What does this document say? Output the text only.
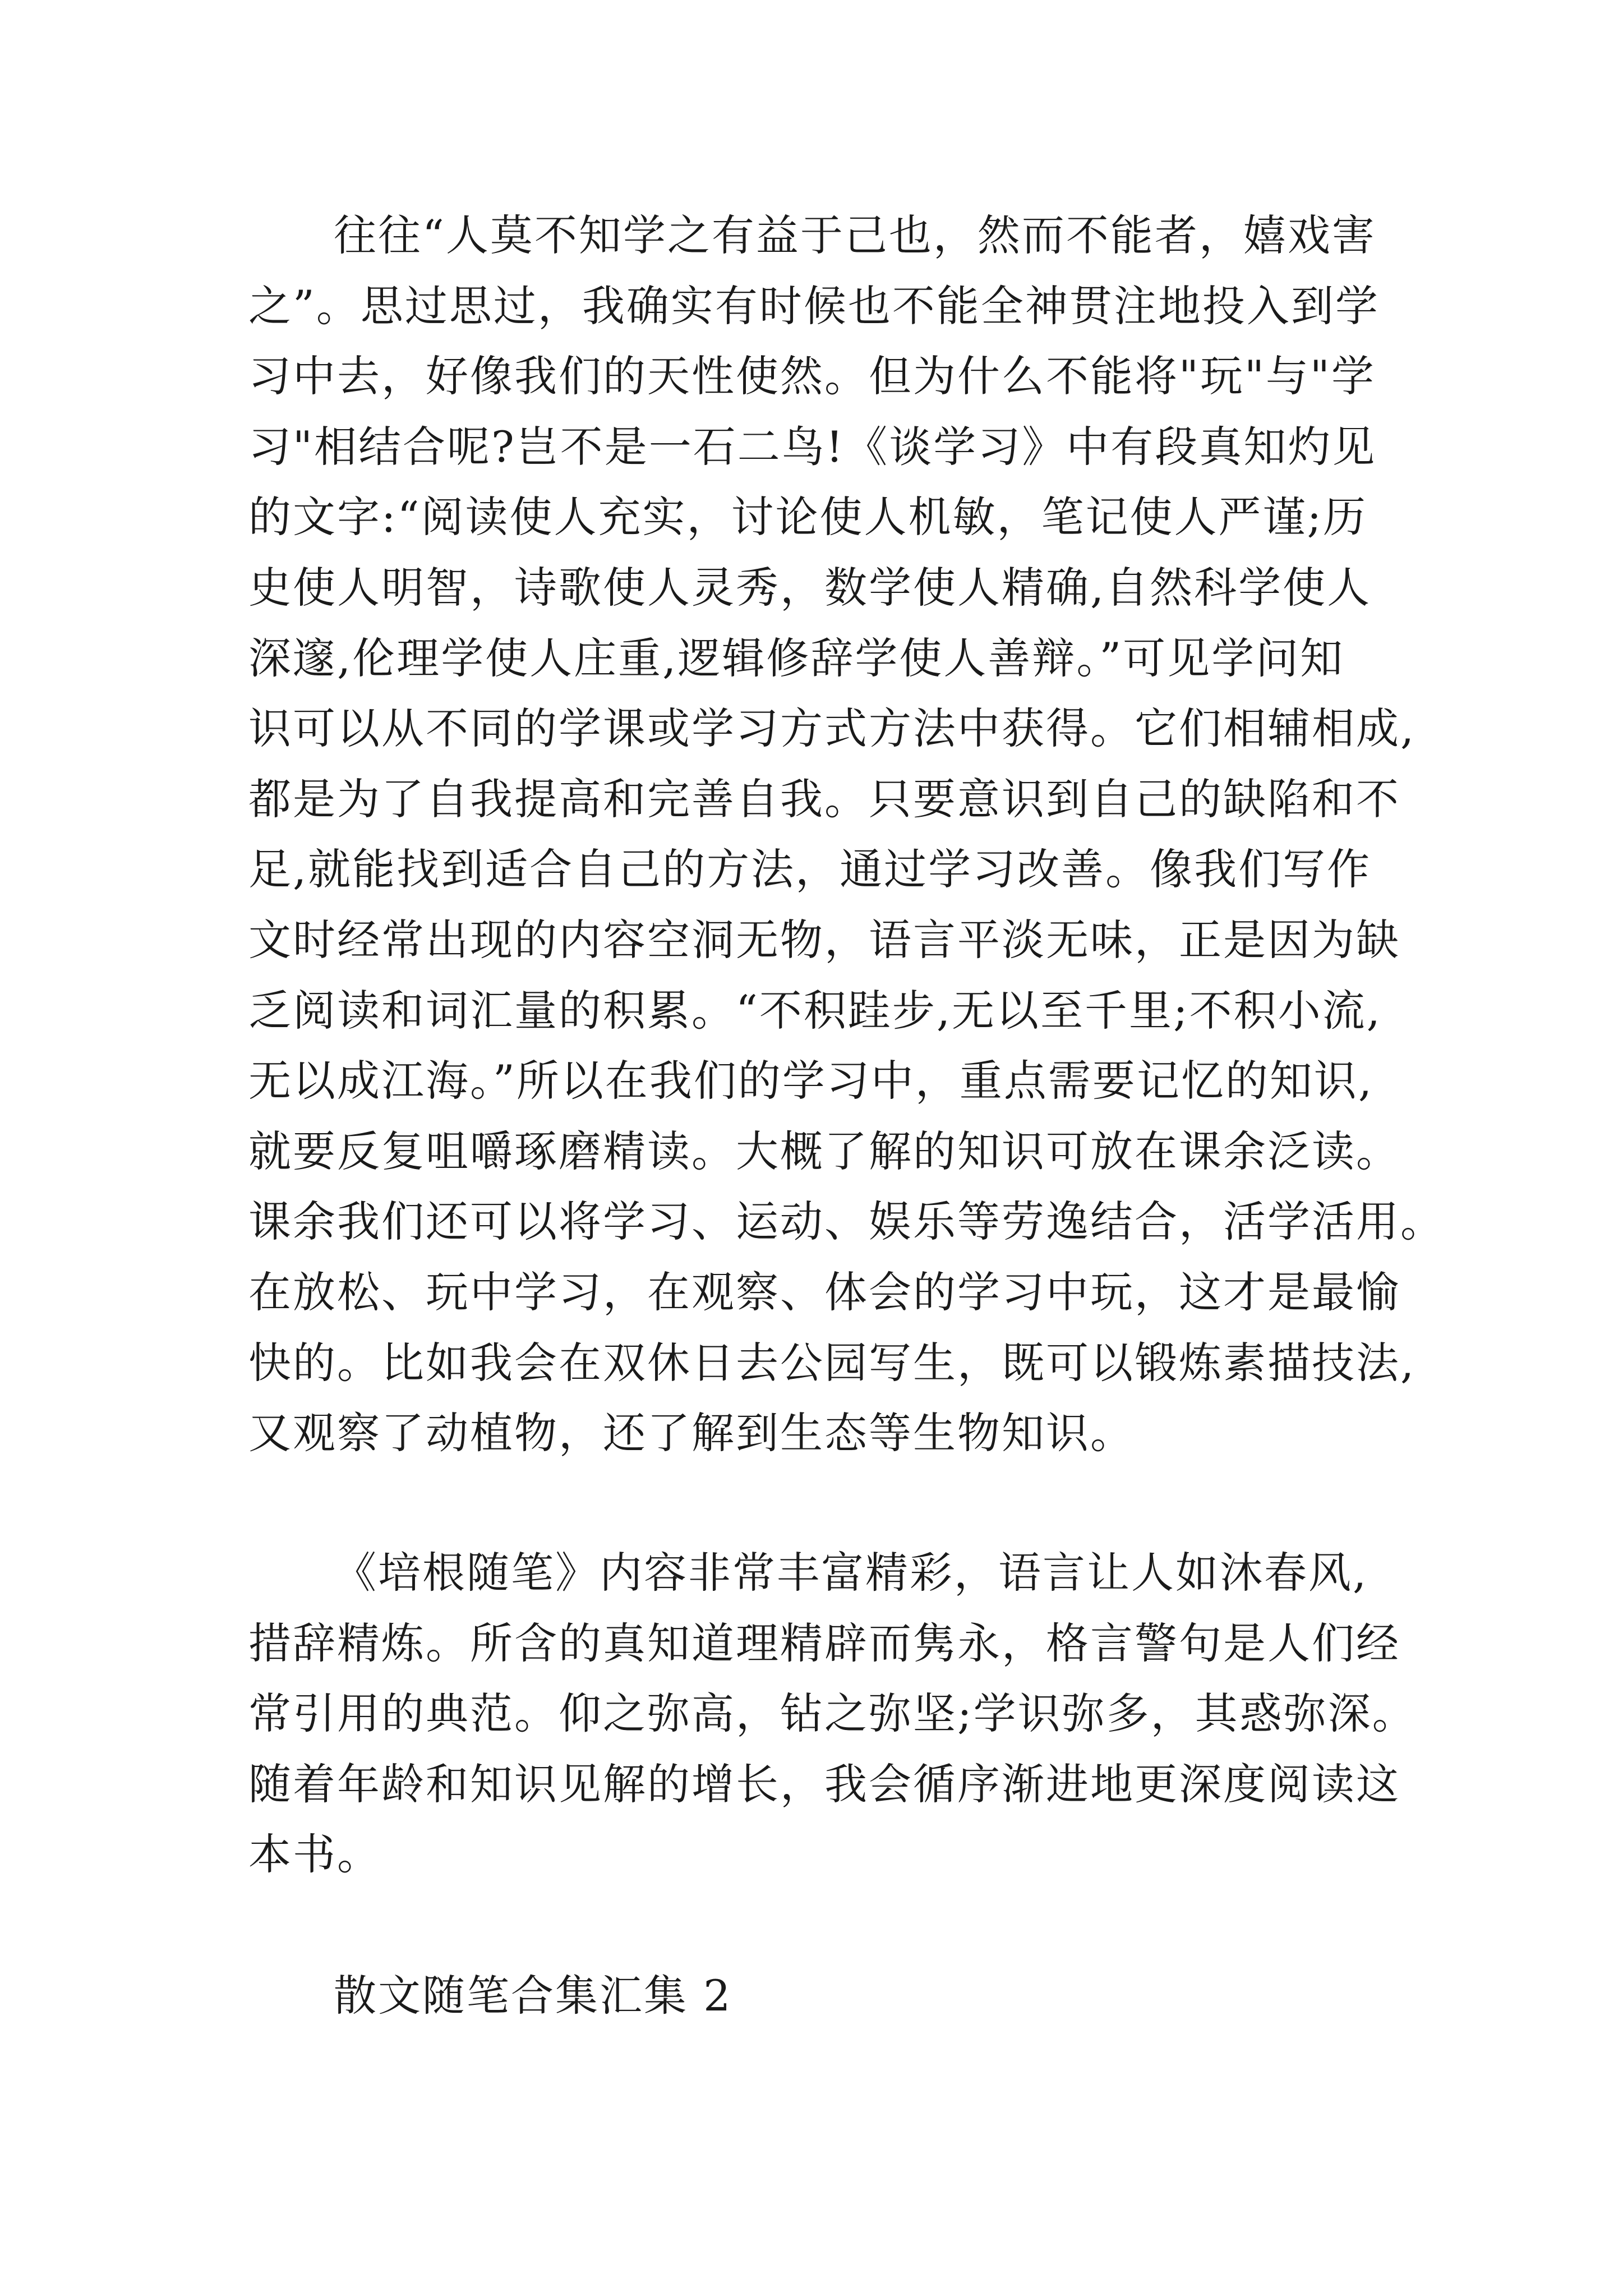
往往“人莫不知学之有益于己也，然而不能者，嬉戏害
之”。思过思过，我确实有时候也不能全神贯注地投入到学
习中去，好像我们的天性使然。但为什么不能将"玩"与"学
习"相结合呢?岂不是一石二鸟!《谈学习》中有段真知灼见
的文字:“阅读使人充实，讨论使人机敏，笔记使人严谨;历
史使人明智，诗歌使人灵秀，数学使人精确,自然科学使人
深邃,伦理学使人庄重,逻辑修辞学使人善辩。”可见学问知
识可以从不同的学课或学习方式方法中获得。它们相辅相成,
都是为了自我提高和完善自我。只要意识到自己的缺陷和不
足,就能找到适合自己的方法，通过学习改善。像我们写作
文时经常出现的内容空洞无物，语言平淡无味，正是因为缺
乏阅读和词汇量的积累。“不积跬步,无以至千里;不积小流,
无以成江海。”所以在我们的学习中，重点需要记忆的知识,
就要反复咀嚼琢磨精读。大概了解的知识可放在课余泛读。
课余我们还可以将学习、运动、娱乐等劳逸结合，活学活用。
在放松、玩中学习，在观察、体会的学习中玩，这才是最愉
快的。比如我会在双休日去公园写生，既可以锻炼素描技法,
又观察了动植物，还了解到生态等生物知识。
《培根随笔》内容非常丰富精彩，语言让人如沐春风,
措辞精炼。所含的真知道理精辟而隽永，格言警句是人们经
常引用的典范。仰之弥高，钻之弥坚;学识弥多，其惑弥深。
随着年龄和知识见解的增长，我会循序渐进地更深度阅读这
本书。
散文随笔合集汇集 2
